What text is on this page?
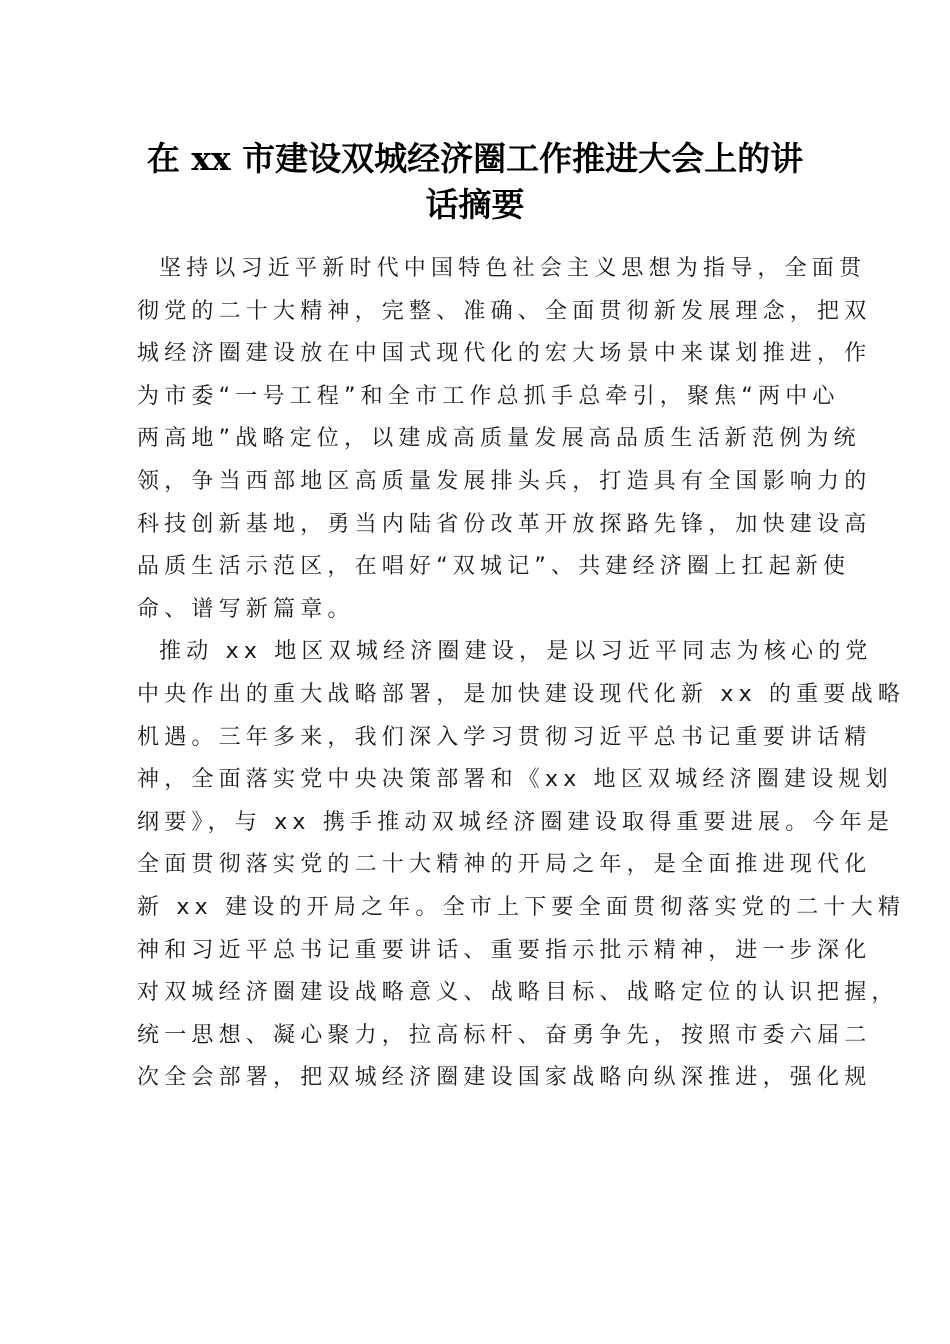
在 xx 市建设双城经济圈工作推进大会上的讲
话摘要
坚持以习近平新时代中国特色社会主义思想为指导，全面贯
彻党的二十大精神，完整、准确、全面贯彻新发展理念，把双
城经济圈建设放在中国式现代化的宏大场景中来谋划推进，作
为市委“一号工程”和全市工作总抓手总牵引，聚焦“两中心
两高地”战略定位，以建成高质量发展高品质生活新范例为统
领，争当西部地区高质量发展排头兵，打造具有全国影响力的
科技创新基地，勇当内陆省份改革开放探路先锋，加快建设高
品质生活示范区，在唱好“双城记”、共建经济圈上扛起新使
命、谱写新篇章。
推动 xx 地区双城经济圈建设，是以习近平同志为核心的党
中央作出的重大战略部署，是加快建设现代化新 xx 的重要战略
机遇。三年多来，我们深入学习贯彻习近平总书记重要讲话精
神，全面落实党中央决策部署和《xx 地区双城经济圈建设规划
纲要》，与 xx 携手推动双城经济圈建设取得重要进展。今年是
全面贯彻落实党的二十大精神的开局之年，是全面推进现代化
新 xx 建设的开局之年。全市上下要全面贯彻落实党的二十大精
神和习近平总书记重要讲话、重要指示批示精神，进一步深化
对双城经济圈建设战略意义、战略目标、战略定位的认识把握，
统一思想、凝心聚力，拉高标杆、奋勇争先，按照市委六届二
次全会部署，把双城经济圈建设国家战略向纵深推进，强化规
